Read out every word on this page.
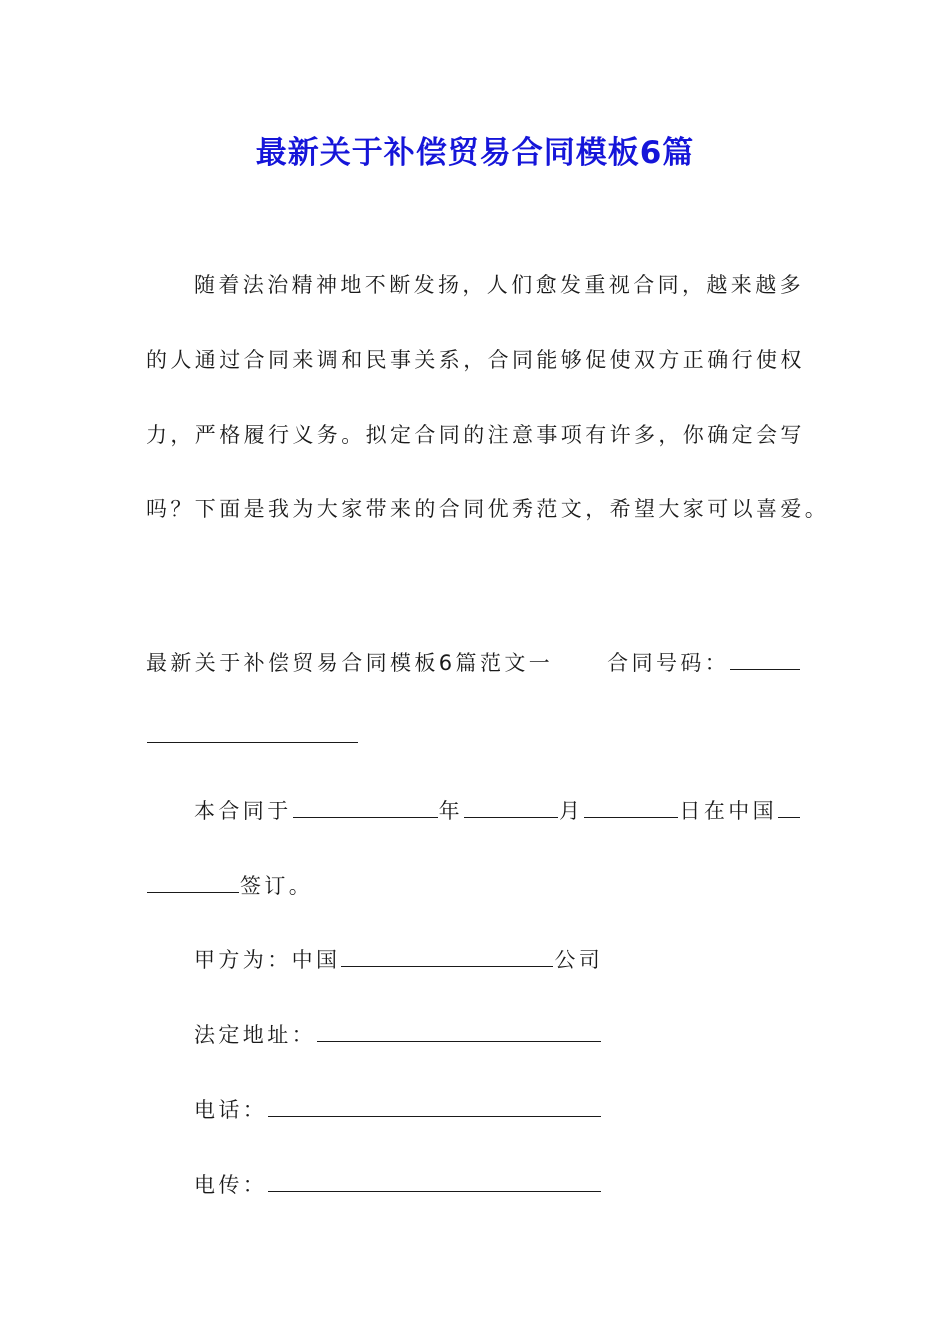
最新关于补偿贸易合同模板6篇

随着法治精神地不断发扬，人们愈发重视合同，越来越多

的人通过合同来调和民事关系，合同能够促使双方正确行使权

力，严格履行义务。拟定合同的注意事项有许多，你确定会写

吗？下面是我为大家带来的合同优秀范文，希望大家可以喜爱。

最新关于补偿贸易合同模板6篇范文一	合同号码：

本合同于	年	月	日在中国

签订。

甲方为：中国	公司

法定地址：

电话：

电传：
